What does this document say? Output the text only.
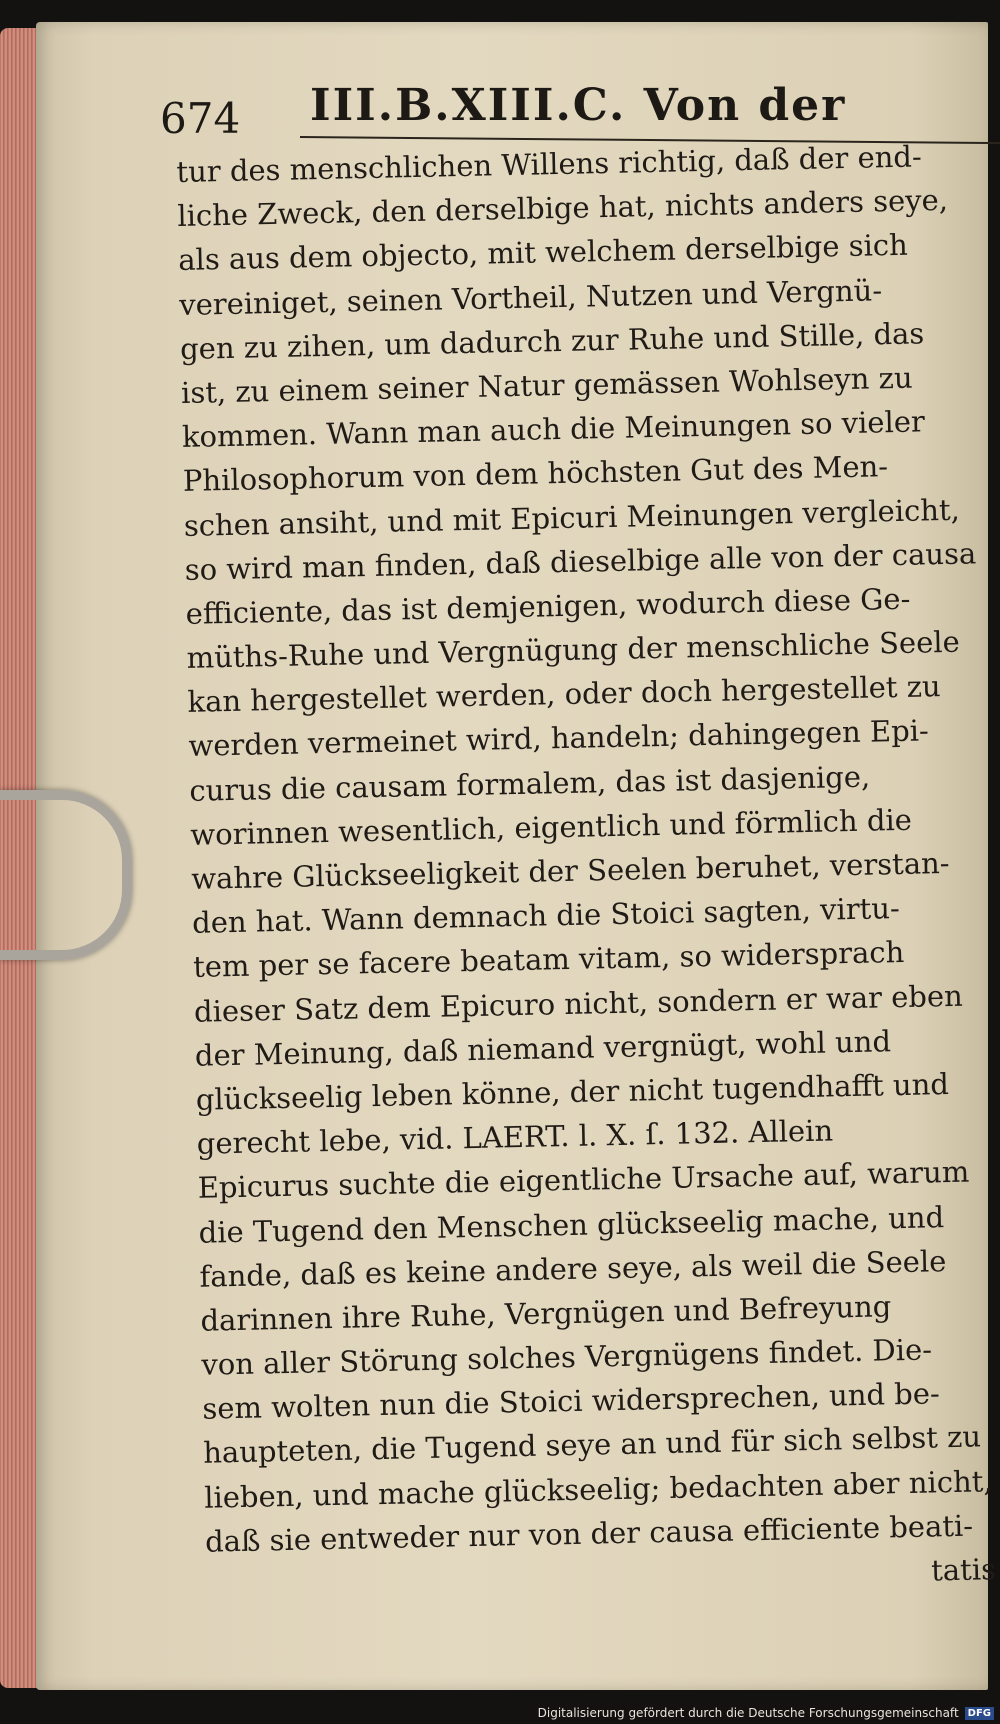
674 III.B.XIII.C. Von der
tur des menschlichen Willens richtig, daß der end-
liche Zweck, den derselbige hat, nichts anders seye,
als aus dem objecto, mit welchem derselbige sich
vereiniget, seinen Vortheil, Nutzen und Vergnü-
gen zu zihen, um dadurch zur Ruhe und Stille, das
ist, zu einem seiner Natur gemässen Wohlseyn zu
kommen. Wann man auch die Meinungen so vieler
Philosophorum von dem höchsten Gut des Men-
schen ansiht, und mit Epicuri Meinungen vergleicht,
so wird man finden, daß dieselbige alle von der causa
efficiente, das ist demjenigen, wodurch diese Ge-
müths-Ruhe und Vergnügung der menschliche Seele
kan hergestellet werden, oder doch hergestellet zu
werden vermeinet wird, handeln; dahingegen Epi-
curus die causam formalem, das ist dasjenige,
worinnen wesentlich, eigentlich und förmlich die
wahre Glückseeligkeit der Seelen beruhet, verstan-
den hat. Wann demnach die Stoici sagten, virtu-
tem per se facere beatam vitam, so widersprach
dieser Satz dem Epicuro nicht, sondern er war eben
der Meinung, daß niemand vergnügt, wohl und
glückseelig leben könne, der nicht tugendhafft und
gerecht lebe, vid. LAERT. l. X. ſ. 132. Allein
Epicurus suchte die eigentliche Ursache auf, warum
die Tugend den Menschen glückseelig mache, und
fande, daß es keine andere seye, als weil die Seele
darinnen ihre Ruhe, Vergnügen und Befreyung
von aller Störung solches Vergnügens findet. Die-
sem wolten nun die Stoici widersprechen, und be-
haupteten, die Tugend seye an und für sich selbst zu
lieben, und mache glückseelig; bedachten aber nicht,
daß sie entweder nur von der causa efficiente beati-
tatis
Digitalisierung gefördert durch die Deutsche Forschungsgemeinschaft DFG
